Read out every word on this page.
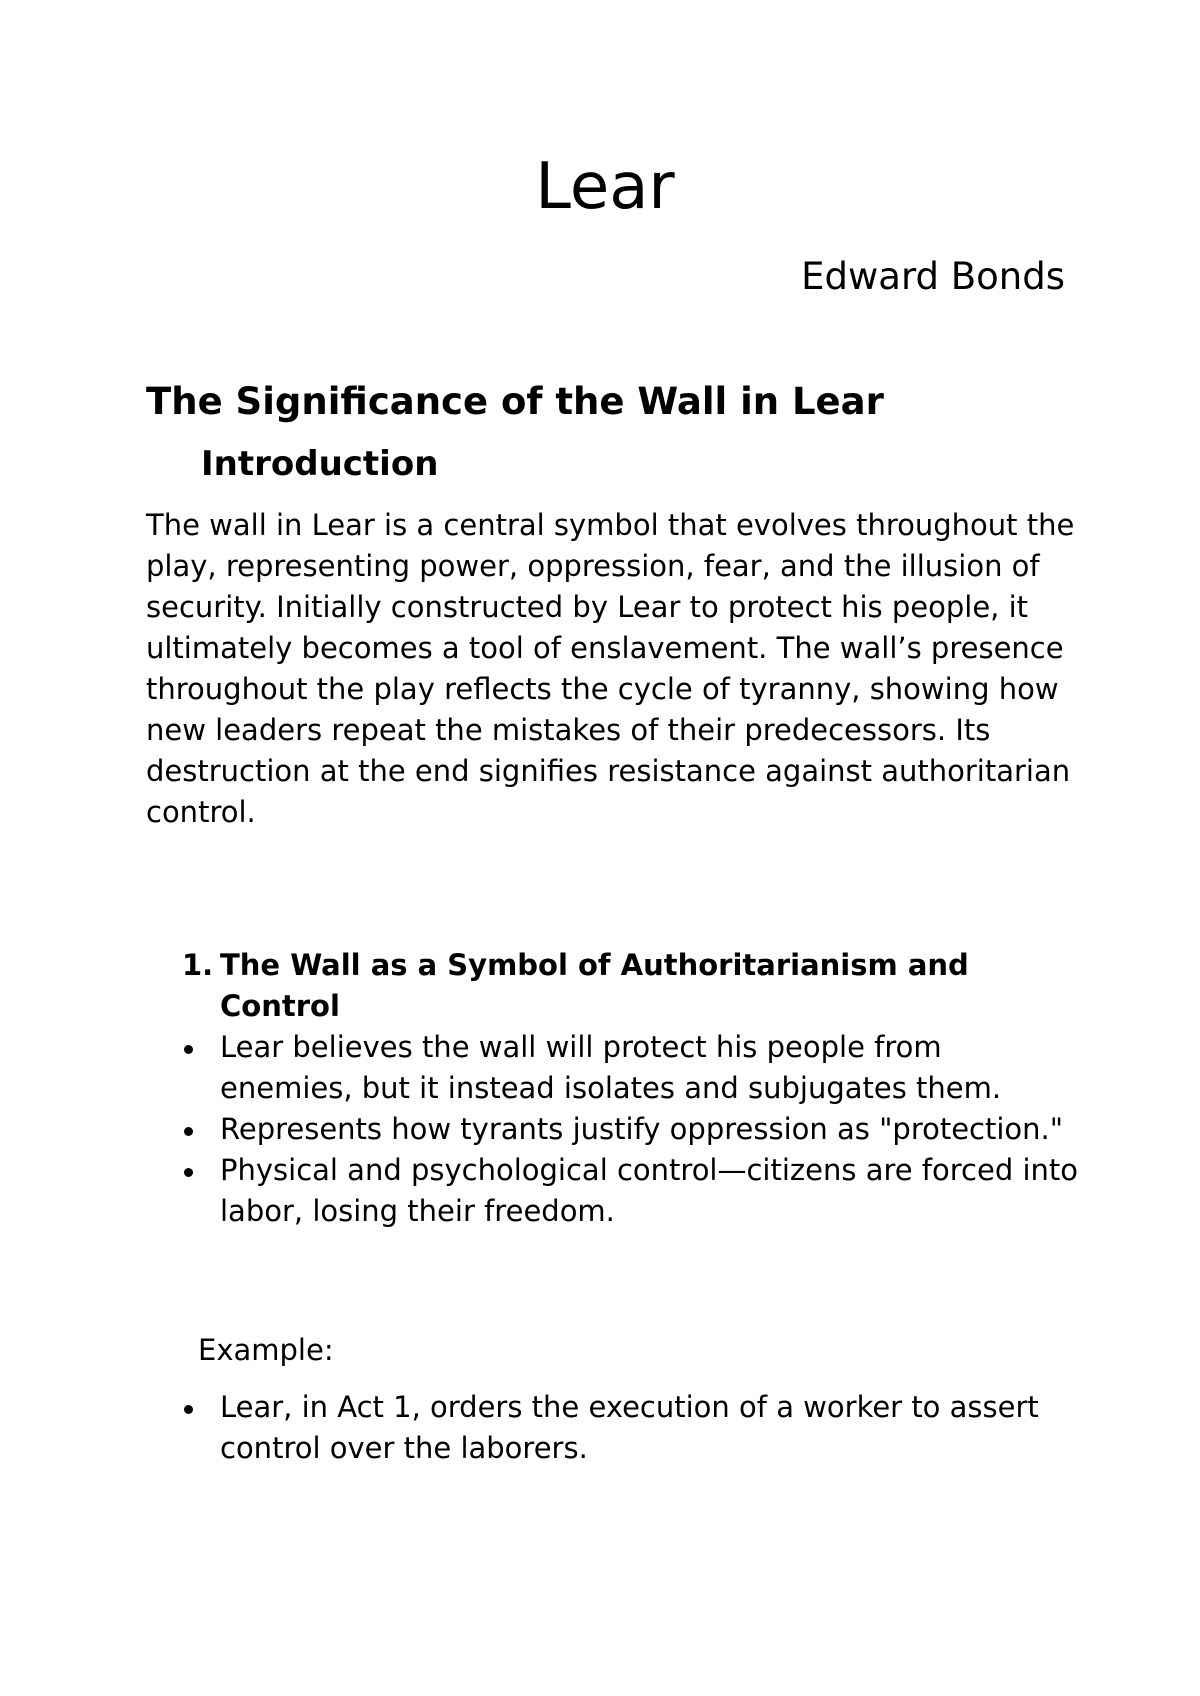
Lear

Edward Bonds

The Significance of the Wall in Lear
Introduction

The wall in Lear is a central symbol that evolves throughout the play, representing power, oppression, fear, and the illusion of security. Initially constructed by Lear to protect his people, it ultimately becomes a tool of enslavement. The wall’s presence throughout the play reflects the cycle of tyranny, showing how new leaders repeat the mistakes of their predecessors. Its destruction at the end signifies resistance against authoritarian control.

1. The Wall as a Symbol of Authoritarianism and Control
Lear believes the wall will protect his people from enemies, but it instead isolates and subjugates them.
Represents how tyrants justify oppression as "protection."
Physical and psychological control—citizens are forced into labor, losing their freedom.

Example:

Lear, in Act 1, orders the execution of a worker to assert control over the laborers.
